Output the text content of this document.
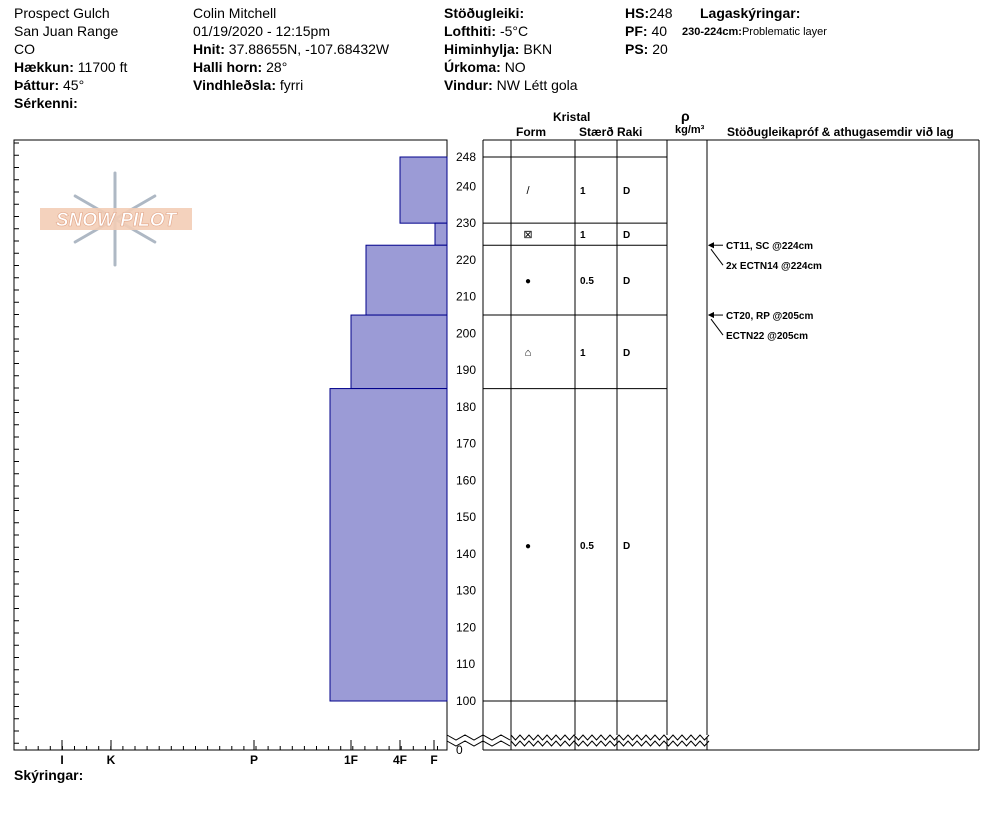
Prospect Gulch
San Juan Range
CO
Hækkun: 11700 ft
Þáttur: 45°
Sérkenni:
Colin Mitchell
01/19/2020 - 12:15pm
Hnit: 37.88655N, -107.68432W
Halli horn: 28°
Vindhleðsla: fyrri
Stöðugleiki:
Lofthiti: -5°C
Himinhylja: BKN
Úrkoma: NO
Vindur: NW Létt gola
HS:248
PF: 40
PS: 20
Lagaskýringar:
230-224cm:Problematic layer
Kristal
Form	Stærð Raki
ρ
kg/m³ Stöðugleikapróf & athugasemdir við lag
SNOW PILOT
I	K	P	1F	4F F
248
240
230
220
210
200
190
180
170
160
150
140
130
120
110
100
0
/	1	D
⊠	1	D
●	0.5	D
⌂	1	D
●	0.5	D
CT11, SC @224cm
2x ECTN14 @224cm
CT20, RP @205cm
ECTN22 @205cm
Skýringar:
